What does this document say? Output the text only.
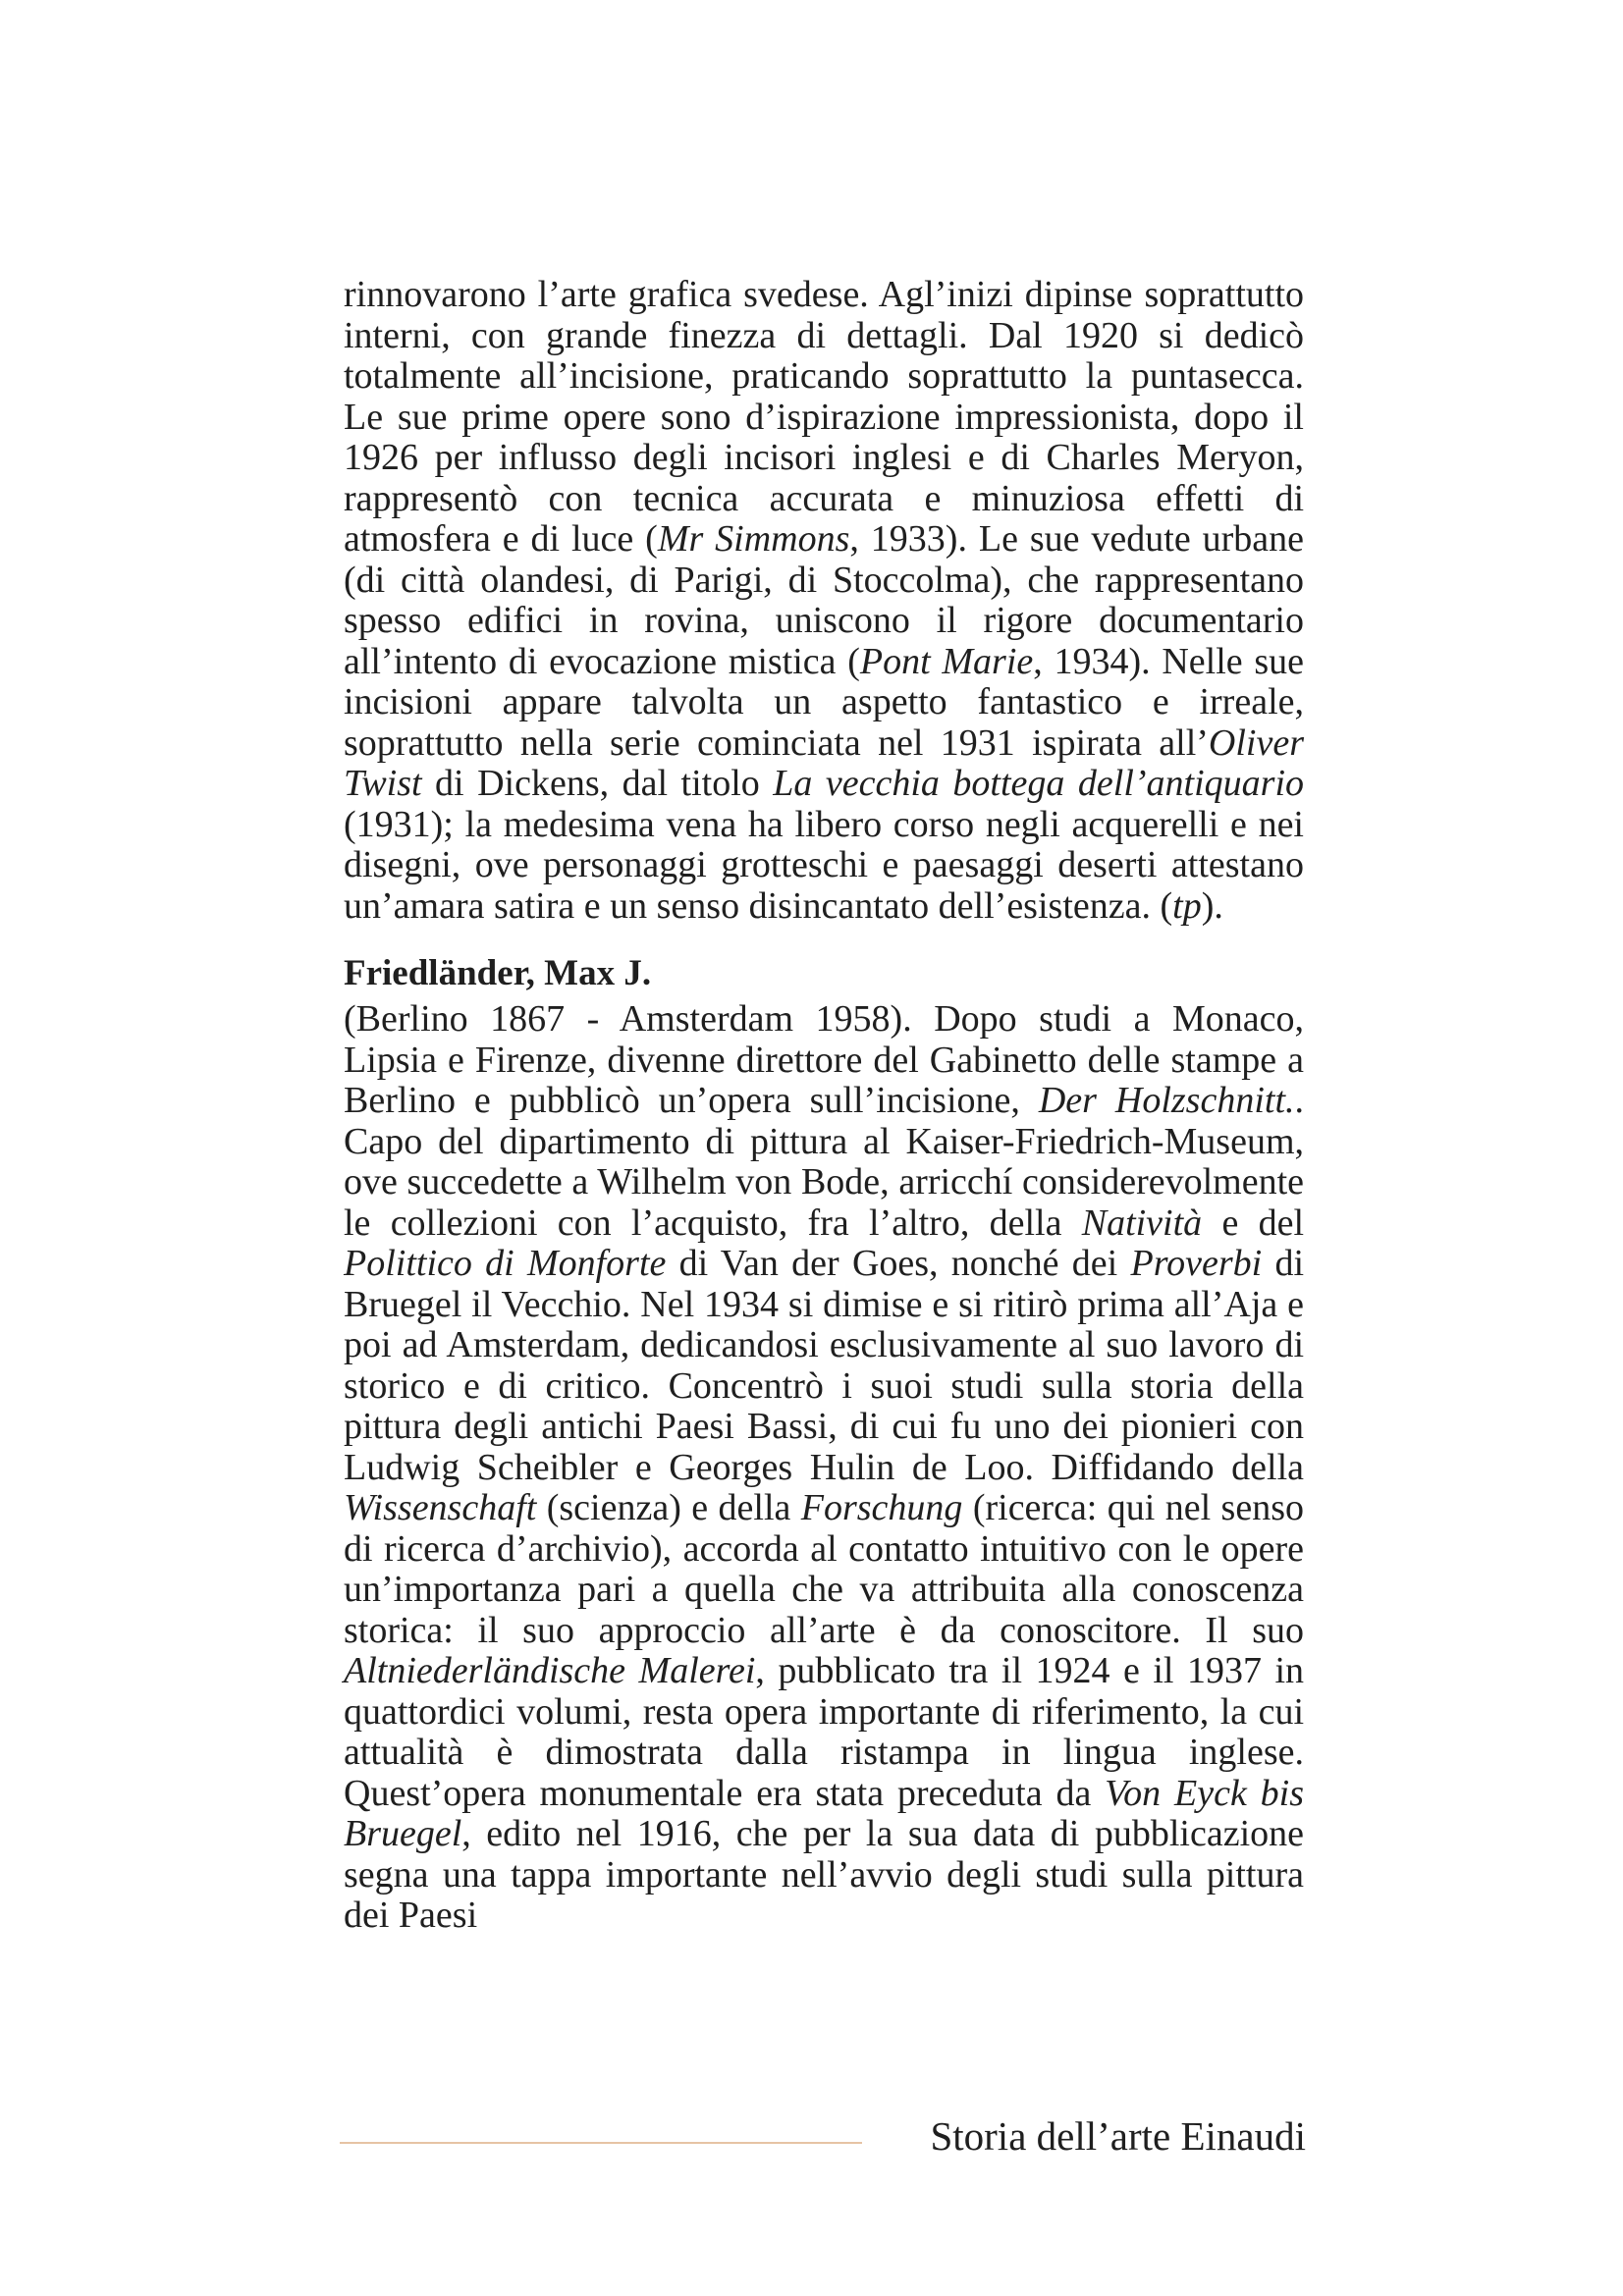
rinnovarono l’arte grafica svedese. Agl’inizi dipinse soprattutto interni, con grande finezza di dettagli. Dal 1920 si dedicò totalmente all’incisione, praticando soprattutto la puntasecca. Le sue prime opere sono d’ispirazione impressionista, dopo il 1926 per influsso degli incisori inglesi e di Charles Meryon, rappresentò con tecnica accurata e minuziosa effetti di atmosfera e di luce (Mr Simmons, 1933). Le sue vedute urbane (di città olandesi, di Parigi, di Stoccolma), che rappresentano spesso edifici in rovina, uniscono il rigore documentario all’intento di evocazione mistica (Pont Marie, 1934). Nelle sue incisioni appare talvolta un aspetto fantastico e irreale, soprattutto nella serie cominciata nel 1931 ispirata all’Oliver Twist di Dickens, dal titolo La vecchia bottega dell’antiquario (1931); la medesima vena ha libero corso negli acquerelli e nei disegni, ove personaggi grotteschi e paesaggi deserti attestano un’amara satira e un senso disincantato dell’esistenza. (tp).

Friedländer, Max J.

(Berlino 1867 - Amsterdam 1958). Dopo studi a Monaco, Lipsia e Firenze, divenne direttore del Gabinetto delle stampe a Berlino e pubblicò un’opera sull’incisione, Der Holzschnitt.. Capo del dipartimento di pittura al Kaiser-Friedrich-Museum, ove succedette a Wilhelm von Bode, arricchí considerevolmente le collezioni con l’acquisto, fra l’altro, della Natività e del Polittico di Monforte di Van der Goes, nonché dei Proverbi di Bruegel il Vecchio. Nel 1934 si dimise e si ritirò prima all’Aja e poi ad Amsterdam, dedicandosi esclusivamente al suo lavoro di storico e di critico. Concentrò i suoi studi sulla storia della pittura degli antichi Paesi Bassi, di cui fu uno dei pionieri con Ludwig Scheibler e Georges Hulin de Loo. Diffidando della Wissenschaft (scienza) e della Forschung (ricerca: qui nel senso di ricerca d’archivio), accorda al contatto intuitivo con le opere un’importanza pari a quella che va attribuita alla conoscenza storica: il suo approccio all’arte è da conoscitore. Il suo Altniederländische Malerei, pubblicato tra il 1924 e il 1937 in quattordici volumi, resta opera importante di riferimento, la cui attualità è dimostrata dalla ristampa in lingua inglese. Quest’opera monumentale era stata preceduta da Von Eyck bis Bruegel, edito nel 1916, che per la sua data di pubblicazione segna una tappa importante nell’avvio degli studi sulla pittura dei Paesi

Storia dell’arte Einaudi
